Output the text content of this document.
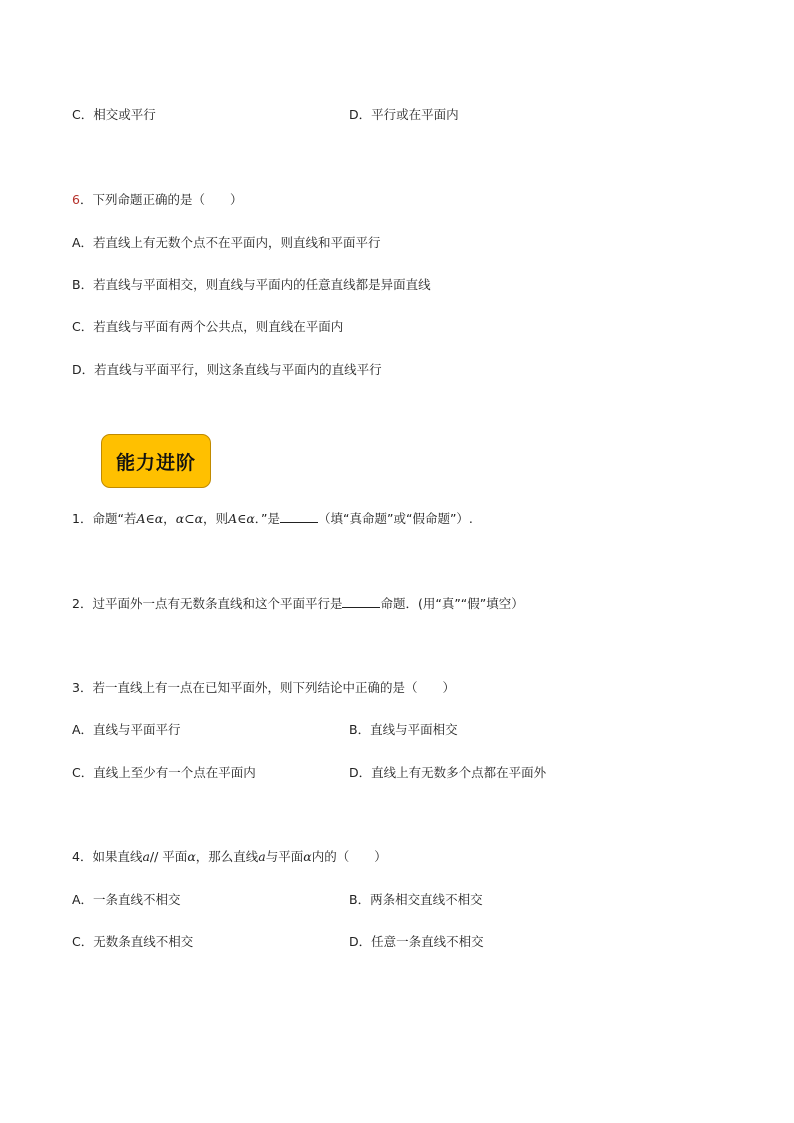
C．相交或平行	D．平行或在平面内
6．下列命题正确的是（　　）
A．若直线上有无数个点不在平面内，则直线和平面平行
B．若直线与平面相交，则直线与平面内的任意直线都是异面直线
C．若直线与平面有两个公共点，则直线在平面内
D．若直线与平面平行，则这条直线与平面内的直线平行
能力进阶
1．命题“若A∈α，α⊂α，则A∈α．”是	（填“真命题”或“假命题”）.
2．过平面外一点有无数条直线和这个平面平行是	命题．(用“真”“假”填空）
3．若一直线上有一点在已知平面外，则下列结论中正确的是（　　）
A．直线与平面平行	B．直线与平面相交
C．直线上至少有一个点在平面内	D．直线上有无数多个点都在平面外
4．如果直线a// 平面α，那么直线a与平面α内的（　　）
A．一条直线不相交	B．两条相交直线不相交
C．无数条直线不相交	D．任意一条直线不相交
